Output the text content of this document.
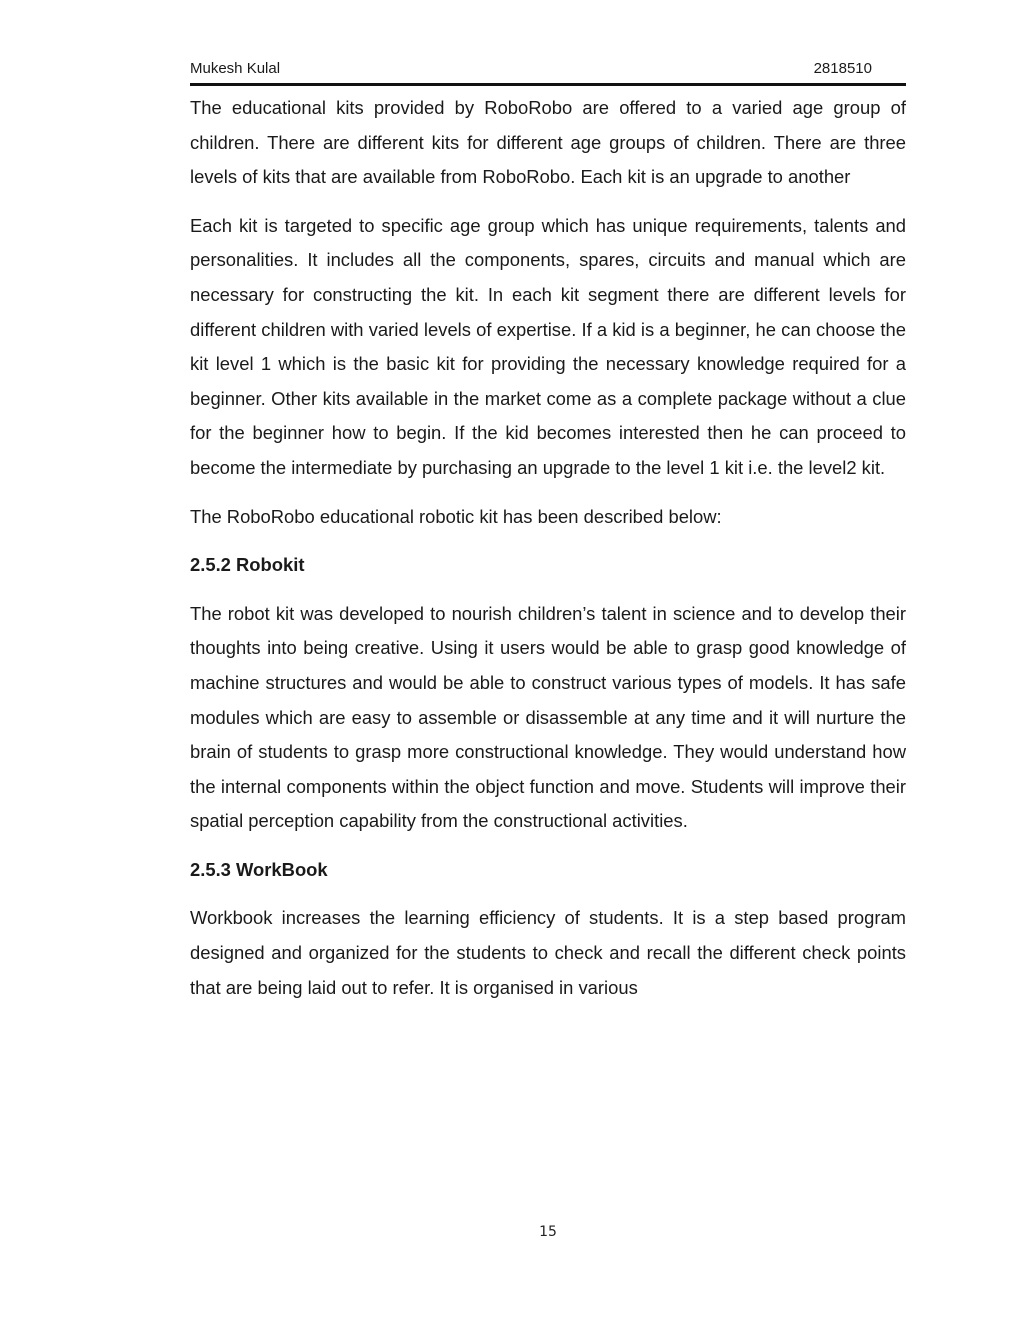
Mukesh Kulal	2818510

The educational kits provided by RoboRobo are offered to a varied age group of children. There are different kits for different age groups of children. There are three levels of kits that are available from RoboRobo. Each kit is an upgrade to another

Each kit is targeted to specific age group which has unique requirements, talents and personalities. It includes all the components, spares, circuits and manual which are necessary for constructing the kit. In each kit segment there are different levels for different children with varied levels of expertise. If a kid is a beginner, he can choose the kit level 1 which is the basic kit for providing the necessary knowledge required for a beginner. Other kits available in the market come as a complete package without a clue for the beginner how to begin. If the kid becomes interested then he can proceed to become the intermediate by purchasing an upgrade to the level 1 kit i.e. the level2 kit.

The RoboRobo educational robotic kit has been described below:

2.5.2 Robokit

The robot kit was developed to nourish children’s talent in science and to develop their thoughts into being creative. Using it users would be able to grasp good knowledge of machine structures and would be able to construct various types of models. It has safe modules which are easy to assemble or disassemble at any time and it will nurture the brain of students to grasp more constructional knowledge. They would understand how the internal components within the object function and move. Students will improve their spatial perception capability from the constructional activities.

2.5.3 WorkBook

Workbook increases the learning efficiency of students. It is a step based program designed and organized for the students to check and recall the different check points that are being laid out to refer. It is organised in various

15
